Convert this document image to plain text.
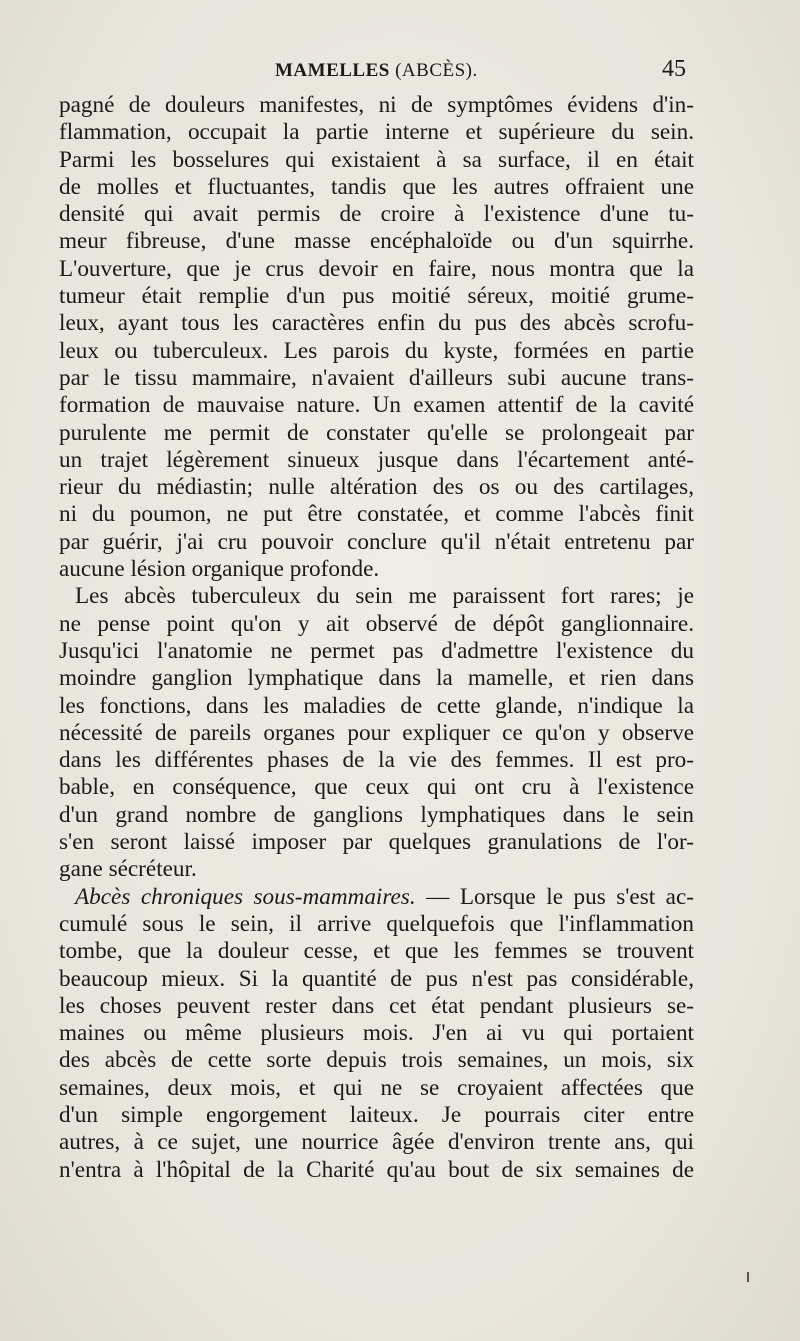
MAMELLES (ABCÈS).	45
pagné de douleurs manifestes, ni de symptômes évidens d'in-
flammation, occupait la partie interne et supérieure du sein.
Parmi les bosselures qui existaient à sa surface, il en était
de molles et fluctuantes, tandis que les autres offraient une
densité qui avait permis de croire à l'existence d'une tu-
meur fibreuse, d'une masse encéphaloïde ou d'un squirrhe.
L'ouverture, que je crus devoir en faire, nous montra que la
tumeur était remplie d'un pus moitié séreux, moitié grume-
leux, ayant tous les caractères enfin du pus des abcès scrofu-
leux ou tuberculeux. Les parois du kyste, formées en partie
par le tissu mammaire, n'avaient d'ailleurs subi aucune trans-
formation de mauvaise nature. Un examen attentif de la cavité
purulente me permit de constater qu'elle se prolongeait par
un trajet légèrement sinueux jusque dans l'écartement anté-
rieur du médiastin; nulle altération des os ou des cartilages,
ni du poumon, ne put être constatée, et comme l'abcès finit
par guérir, j'ai cru pouvoir conclure qu'il n'était entretenu par
aucune lésion organique profonde.
Les abcès tuberculeux du sein me paraissent fort rares; je
ne pense point qu'on y ait observé de dépôt ganglionnaire.
Jusqu'ici l'anatomie ne permet pas d'admettre l'existence du
moindre ganglion lymphatique dans la mamelle, et rien dans
les fonctions, dans les maladies de cette glande, n'indique la
nécessité de pareils organes pour expliquer ce qu'on y observe
dans les différentes phases de la vie des femmes. Il est pro-
bable, en conséquence, que ceux qui ont cru à l'existence
d'un grand nombre de ganglions lymphatiques dans le sein
s'en seront laissé imposer par quelques granulations de l'or-
gane sécréteur.
Abcès chroniques sous-mammaires. — Lorsque le pus s'est ac-
cumulé sous le sein, il arrive quelquefois que l'inflammation
tombe, que la douleur cesse, et que les femmes se trouvent
beaucoup mieux. Si la quantité de pus n'est pas considérable,
les choses peuvent rester dans cet état pendant plusieurs se-
maines ou même plusieurs mois. J'en ai vu qui portaient
des abcès de cette sorte depuis trois semaines, un mois, six
semaines, deux mois, et qui ne se croyaient affectées que
d'un simple engorgement laiteux. Je pourrais citer entre
autres, à ce sujet, une nourrice âgée d'environ trente ans, qui
n'entra à l'hôpital de la Charité qu'au bout de six semaines de
